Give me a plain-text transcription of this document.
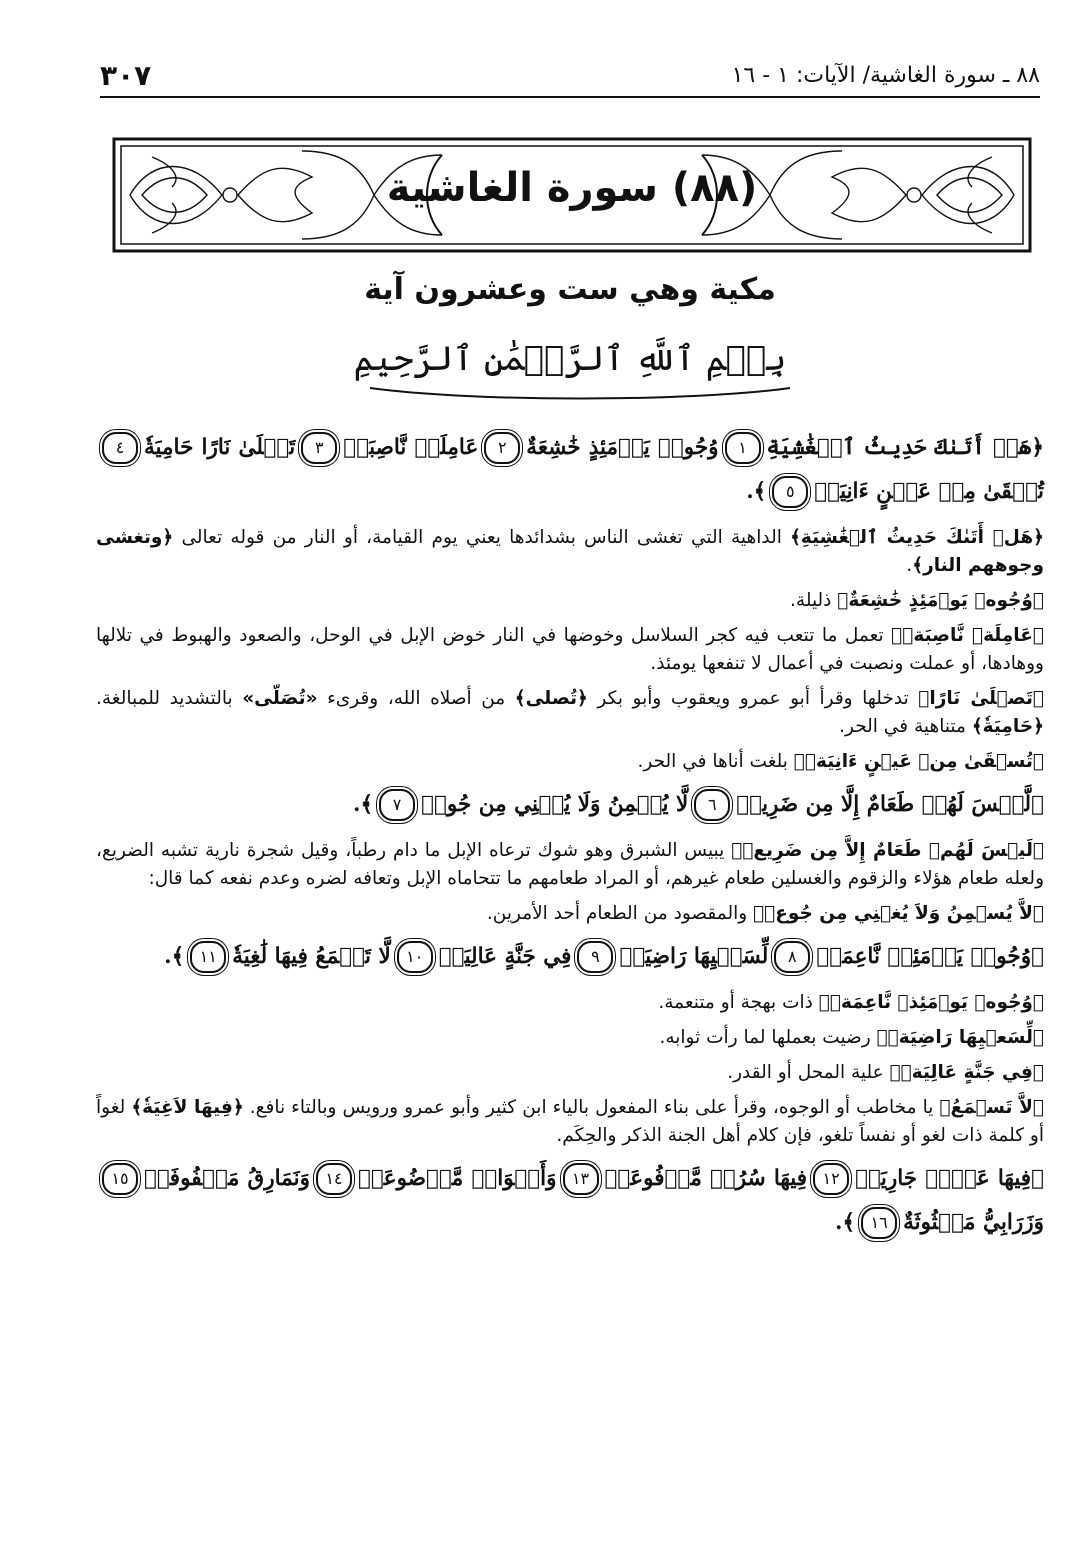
٨٨ ـ سورة الغاشية/ الآيات: ١ - ١٦
٣٠٧
(٨٨) سورة الغاشية
مكية وهي ست وعشرون آية
بِسۡمِ ٱللَّهِ ٱلرَّحۡمَٰنِ ٱلرَّحِيمِ

﴿هَلۡ أَتَىٰكَ حَدِيثُ ٱلۡغَٰشِيَةِ١وُجُوهٞ يَوۡمَئِذٍ خَٰشِعَةٌ٢عَامِلَةٞ نَّاصِبَةٞ٣تَصۡلَىٰ نَارًا حَامِيَةٗ٤تُسۡقَىٰ مِنۡ عَيۡنٍ ءَانِيَةٖ٥﴾.

﴿هَلۡ أَتَىٰكَ حَدِيثُ ٱلۡغَٰشِيَةِ﴾ الداهية التي تغشى الناس بشدائدها يعني يوم القيامة، أو النار من قوله تعالى ﴿وتغشى وجوههم النار﴾.

﴿وُجُوهٞ يَوۡمَئِذٍ خَٰشِعَةٌ﴾ ذليلة.

﴿عَامِلَةٞ نَّاصِبَةٞ﴾ تعمل ما تتعب فيه كجر السلاسل وخوضها في النار خوض الإبل في الوحل، والصعود والهبوط في تلالها ووهادها، أو عملت ونصبت في أعمال لا تنفعها يومئذ.

﴿تَصۡلَىٰ نَارًا﴾ تدخلها وقرأ أبو عمرو ويعقوب وأبو بكر ﴿تُصلى﴾ من أصلاه الله، وقرىء «تُصَلّى» بالتشديد للمبالغة. ﴿حَامِيَةٗ﴾ متناهية في الحر.

﴿تُسۡقَىٰ مِنۡ عَيۡنٍ ءَانِيَةٖ﴾ بلغت أناها في الحر.

﴿لَّيۡسَ لَهُمۡ طَعَامٌ إِلَّا مِن ضَرِيعٖ٦لَّا يُسۡمِنُ وَلَا يُغۡنِي مِن جُوعٖ٧﴾.

﴿لَيۡسَ لَهُمۡ طَعَامٌ إِلاَّ مِن ضَرِيعٖ﴾ يبيس الشبرق وهو شوك ترعاه الإبل ما دام رطباً، وقيل شجرة نارية تشبه الضريع، ولعله طعام هؤلاء والزقوم والغسلين طعام غيرهم، أو المراد طعامهم ما تتحاماه الإبل وتعافه لضره وعدم نفعه كما قال:

﴿لاَّ يُسۡمِنُ وَلاَ يُغۡنِي مِن جُوعٖ﴾ والمقصود من الطعام أحد الأمرين.

﴿وُجُوهٞ يَوۡمَئِذٖ نَّاعِمَةٞ٨لِّسَعۡيِهَا رَاضِيَةٞ٩فِي جَنَّةٍ عَالِيَةٖ١٠لَّا تَسۡمَعُ فِيهَا لَٰغِيَةٗ١١﴾.

﴿وُجُوهٞ يَوۡمَئِذٖ نَّاعِمَةٞ﴾ ذات بهجة أو متنعمة.

﴿لِّسَعۡيِهَا رَاضِيَةٞ﴾ رضيت بعملها لما رأت ثوابه.

﴿فِي جَنَّةٍ عَالِيَةٖ﴾ علية المحل أو القدر.

﴿لاَّ تَسۡمَعُ﴾ يا مخاطب أو الوجوه، وقرأ على بناء المفعول بالياء ابن كثير وأبو عمرو ورويس وبالتاء نافع. ﴿فِيهَا لاَغِيَةٗ﴾ لغواً أو كلمة ذات لغو أو نفساً تلغو، فإن كلام أهل الجنة الذكر والحِكَم.

﴿فِيهَا عَيۡنٞ جَارِيَةٞ١٢فِيهَا سُرُرٞ مَّرۡفُوعَةٞ١٣وَأَكۡوَابٞ مَّوۡضُوعَةٞ١٤وَنَمَارِقُ مَصۡفُوفَةٞ١٥وَزَرَابِيُّ مَبۡثُوثَةٌ١٦﴾.
